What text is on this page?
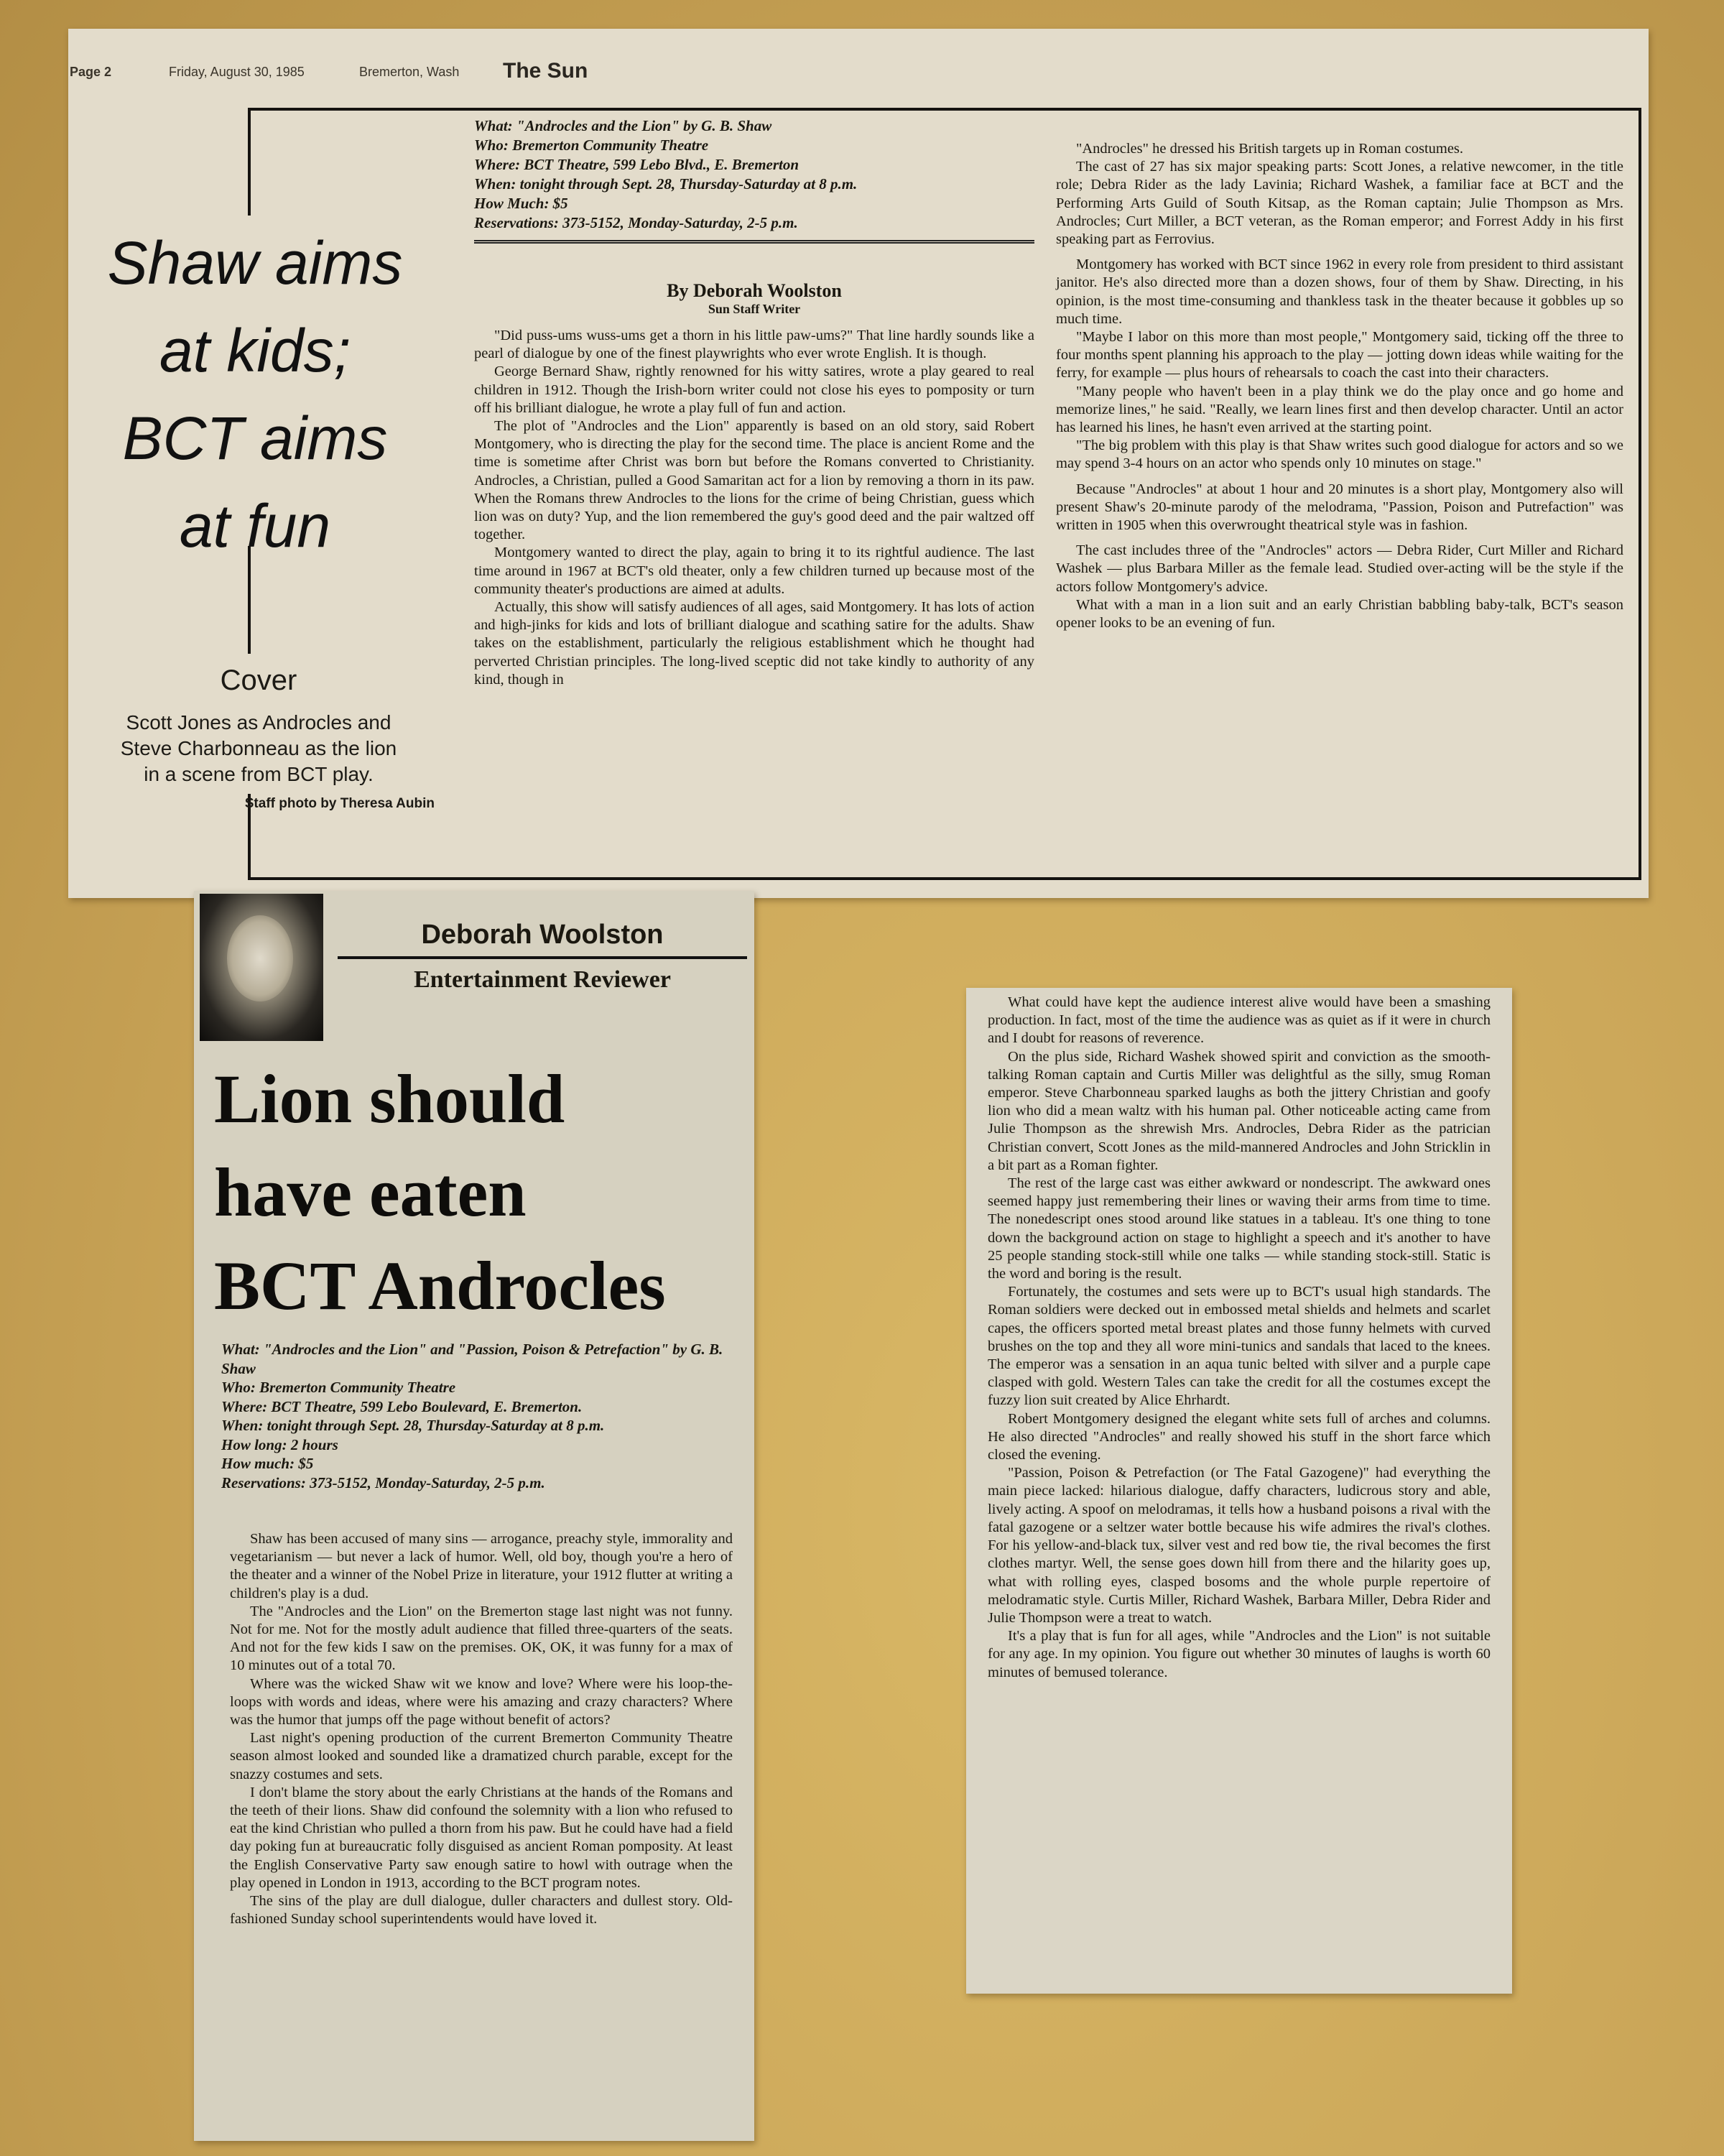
Page 2	Friday, August 30, 1985	Bremerton, Wash The Sun
Shaw aims
at kids;
BCT aims
at fun
Cover
Scott Jones as Androcles and
Steve Charbonneau as the lion
in a scene from BCT play.
Staff photo by Theresa Aubin
What: "Androcles and the Lion" by G. B. Shaw
Who: Bremerton Community Theatre
Where: BCT Theatre, 599 Lebo Blvd., E. Bremerton
When: tonight through Sept. 28, Thursday-Saturday at 8 p.m.
How Much: $5
Reservations: 373-5152, Monday-Saturday, 2-5 p.m.
By Deborah Woolston
Sun Staff Writer

"Did puss-ums wuss-ums get a thorn in his little paw-ums?" That line hardly sounds like a pearl of dialogue by one of the finest playwrights who ever wrote English. It is though.

George Bernard Shaw, rightly renowned for his witty satires, wrote a play geared to real children in 1912. Though the Irish-born writer could not close his eyes to pomposity or turn off his brilliant dialogue, he wrote a play full of fun and action.

The plot of "Androcles and the Lion" apparently is based on an old story, said Robert Montgomery, who is directing the play for the second time. The place is ancient Rome and the time is sometime after Christ was born but before the Romans converted to Christianity. Androcles, a Christian, pulled a Good Samaritan act for a lion by removing a thorn in its paw. When the Romans threw Androcles to the lions for the crime of being Christian, guess which lion was on duty? Yup, and the lion remembered the guy's good deed and the pair waltzed off together.

Montgomery wanted to direct the play, again to bring it to its rightful audience. The last time around in 1967 at BCT's old theater, only a few children turned up because most of the community theater's productions are aimed at adults.

Actually, this show will satisfy audiences of all ages, said Montgomery. It has lots of action and high-jinks for kids and lots of brilliant dialogue and scathing satire for the adults. Shaw takes on the establishment, particularly the religious establishment which he thought had perverted Christian principles. The long-lived sceptic did not take kindly to authority of any kind, though in

"Androcles" he dressed his British targets up in Roman costumes.

The cast of 27 has six major speaking parts: Scott Jones, a relative newcomer, in the title role; Debra Rider as the lady Lavinia; Richard Washek, a familiar face at BCT and the Performing Arts Guild of South Kitsap, as the Roman captain; Julie Thompson as Mrs. Androcles; Curt Miller, a BCT veteran, as the Roman emperor; and Forrest Addy in his first speaking part as Ferrovius.

Montgomery has worked with BCT since 1962 in every role from president to third assistant janitor. He's also directed more than a dozen shows, four of them by Shaw. Directing, in his opinion, is the most time-consuming and thankless task in the theater because it gobbles up so much time.

"Maybe I labor on this more than most people," Montgomery said, ticking off the three to four months spent planning his approach to the play — jotting down ideas while waiting for the ferry, for example — plus hours of rehearsals to coach the cast into their characters.

"Many people who haven't been in a play think we do the play once and go home and memorize lines," he said. "Really, we learn lines first and then develop character. Until an actor has learned his lines, he hasn't even arrived at the starting point.

"The big problem with this play is that Shaw writes such good dialogue for actors and so we may spend 3-4 hours on an actor who spends only 10 minutes on stage."

Because "Androcles" at about 1 hour and 20 minutes is a short play, Montgomery also will present Shaw's 20-minute parody of the melodrama, "Passion, Poison and Putrefaction" was written in 1905 when this overwrought theatrical style was in fashion.

The cast includes three of the "Androcles" actors — Debra Rider, Curt Miller and Richard Washek — plus Barbara Miller as the female lead. Studied over-acting will be the style if the actors follow Montgomery's advice.

What with a man in a lion suit and an early Christian babbling baby-talk, BCT's season opener looks to be an evening of fun.

Deborah Woolston
Entertainment Reviewer
Lion should
have eaten
BCT Androcles
What: "Androcles and the Lion" and "Passion, Poison & Petrefaction" by G. B. Shaw
Who: Bremerton Community Theatre
Where: BCT Theatre, 599 Lebo Boulevard, E. Bremerton.
When: tonight through Sept. 28, Thursday-Saturday at 8 p.m.
How long: 2 hours
How much: $5
Reservations: 373-5152, Monday-Saturday, 2-5 p.m.

Shaw has been accused of many sins — arrogance, preachy style, immorality and vegetarianism — but never a lack of humor. Well, old boy, though you're a hero of the theater and a winner of the Nobel Prize in literature, your 1912 flutter at writing a children's play is a dud.

The "Androcles and the Lion" on the Bremerton stage last night was not funny. Not for me. Not for the mostly adult audience that filled three-quarters of the seats. And not for the few kids I saw on the premises. OK, OK, it was funny for a max of 10 minutes out of a total 70.

Where was the wicked Shaw wit we know and love? Where were his loop-the-loops with words and ideas, where were his amazing and crazy characters? Where was the humor that jumps off the page without benefit of actors?

Last night's opening production of the current Bremerton Community Theatre season almost looked and sounded like a dramatized church parable, except for the snazzy costumes and sets.

I don't blame the story about the early Christians at the hands of the Romans and the teeth of their lions. Shaw did confound the solemnity with a lion who refused to eat the kind Christian who pulled a thorn from his paw. But he could have had a field day poking fun at bureaucratic folly disguised as ancient Roman pomposity. At least the English Conservative Party saw enough satire to howl with outrage when the play opened in London in 1913, according to the BCT program notes.

The sins of the play are dull dialogue, duller characters and dullest story. Old-fashioned Sunday school superintendents would have loved it.

What could have kept the audience interest alive would have been a smashing production. In fact, most of the time the audience was as quiet as if it were in church and I doubt for reasons of reverence.

On the plus side, Richard Washek showed spirit and conviction as the smooth-talking Roman captain and Curtis Miller was delightful as the silly, smug Roman emperor. Steve Charbonneau sparked laughs as both the jittery Christian and goofy lion who did a mean waltz with his human pal. Other noticeable acting came from Julie Thompson as the shrewish Mrs. Androcles, Debra Rider as the patrician Christian convert, Scott Jones as the mild-mannered Androcles and John Stricklin in a bit part as a Roman fighter.

The rest of the large cast was either awkward or nondescript. The awkward ones seemed happy just remembering their lines or waving their arms from time to time. The nonedescript ones stood around like statues in a tableau. It's one thing to tone down the background action on stage to highlight a speech and it's another to have 25 people standing stock-still while one talks — while standing stock-still. Static is the word and boring is the result.

Fortunately, the costumes and sets were up to BCT's usual high standards. The Roman soldiers were decked out in embossed metal shields and helmets and scarlet capes, the officers sported metal breast plates and those funny helmets with curved brushes on the top and they all wore mini-tunics and sandals that laced to the knees. The emperor was a sensation in an aqua tunic belted with silver and a purple cape clasped with gold. Western Tales can take the credit for all the costumes except the fuzzy lion suit created by Alice Ehrhardt.

Robert Montgomery designed the elegant white sets full of arches and columns. He also directed "Androcles" and really showed his stuff in the short farce which closed the evening.

"Passion, Poison & Petrefaction (or The Fatal Gazogene)" had everything the main piece lacked: hilarious dialogue, daffy characters, ludicrous story and able, lively acting. A spoof on melodramas, it tells how a husband poisons a rival with the fatal gazogene or a seltzer water bottle because his wife admires the rival's clothes. For his yellow-and-black tux, silver vest and red bow tie, the rival becomes the first clothes martyr. Well, the sense goes down hill from there and the hilarity goes up, what with rolling eyes, clasped bosoms and the whole purple repertoire of melodramatic style. Curtis Miller, Richard Washek, Barbara Miller, Debra Rider and Julie Thompson were a treat to watch.

It's a play that is fun for all ages, while "Androcles and the Lion" is not suitable for any age. In my opinion. You figure out whether 30 minutes of laughs is worth 60 minutes of bemused tolerance.
